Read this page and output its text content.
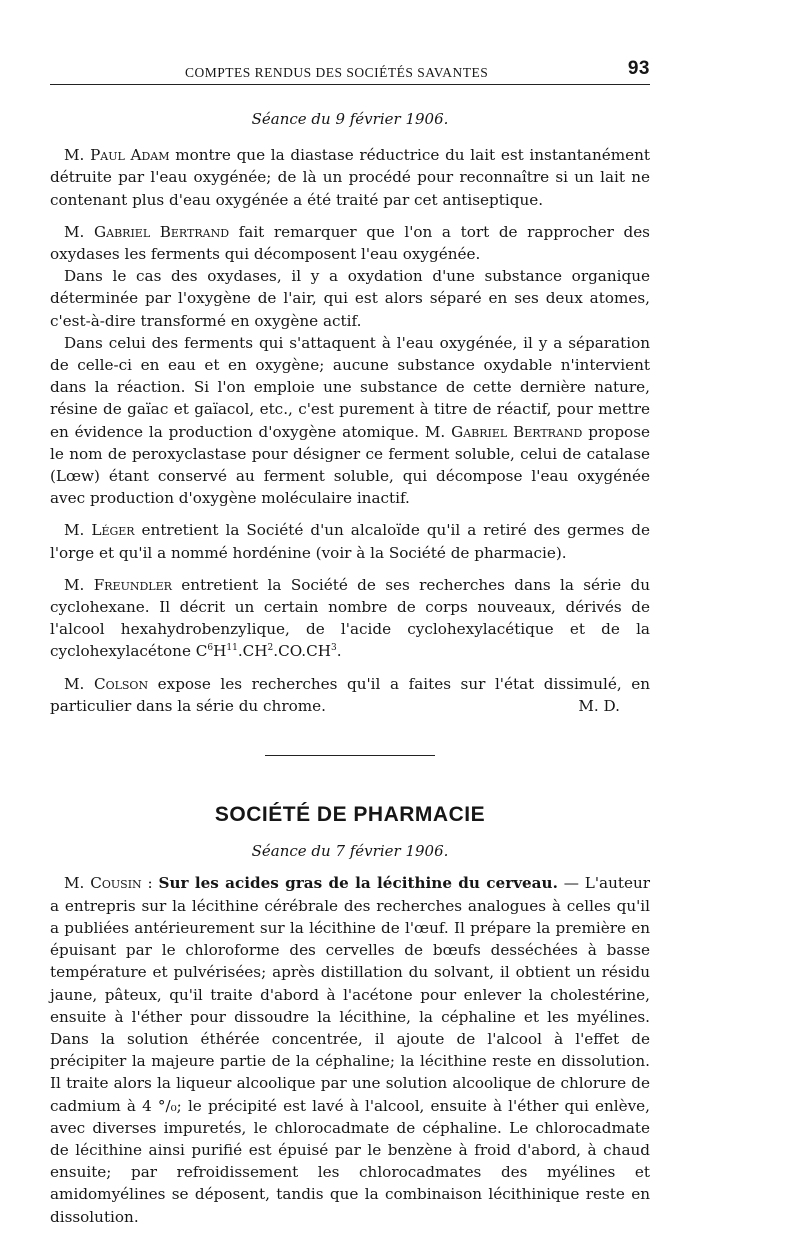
COMPTES RENDUS DES SOCIÉTÉS SAVANTES	93
Séance du 9 février 1906.

M. Paul Adam montre que la diastase réductrice du lait est instantanément détruite par l'eau oxygénée; de là un procédé pour reconnaître si un lait ne contenant plus d'eau oxygénée a été traité par cet antiseptique.

M. Gabriel Bertrand fait remarquer que l'on a tort de rapprocher des oxydases les ferments qui décomposent l'eau oxygénée.

Dans le cas des oxydases, il y a oxydation d'une substance organique déterminée par l'oxygène de l'air, qui est alors séparé en ses deux atomes, c'est-à-dire transformé en oxygène actif.

Dans celui des ferments qui s'attaquent à l'eau oxygénée, il y a séparation de celle-ci en eau et en oxygène; aucune substance oxydable n'intervient dans la réaction. Si l'on emploie une substance de cette dernière nature, résine de gaïac et gaïacol, etc., c'est purement à titre de réactif, pour mettre en évidence la production d'oxygène atomique. M. Gabriel Bertrand propose le nom de peroxyclastase pour désigner ce ferment soluble, celui de catalase (Lœw) étant conservé au ferment soluble, qui décompose l'eau oxygénée avec production d'oxygène moléculaire inactif.

M. Léger entretient la Société d'un alcaloïde qu'il a retiré des germes de l'orge et qu'il a nommé hordénine (voir à la Société de pharmacie).

M. Freundler entretient la Société de ses recherches dans la série du cyclohexane. Il décrit un certain nombre de corps nouveaux, dérivés de l'alcool hexahydrobenzylique, de l'acide cyclohexylacétique et de la cyclohexylacétone $C^6H^{11}.CH^2.CO.CH^3$.

M. Colson expose les recherches qu'il a faites sur l'état dissimulé, en particulier dans la série du chrome.	M. D.

SOCIÉTÉ DE PHARMACIE
Séance du 7 février 1906.

M. Cousin : Sur les acides gras de la lécithine du cerveau. — L'auteur a entrepris sur la lécithine cérébrale des recherches analogues à celles qu'il a publiées antérieurement sur la lécithine de l'œuf. Il prépare la première en épuisant par le chloroforme des cervelles de bœufs desséchées à basse température et pulvérisées; après distillation du solvant, il obtient un résidu jaune, pâteux, qu'il traite d'abord à l'acétone pour enlever la cholestérine, ensuite à l'éther pour dissoudre la lécithine, la céphaline et les myélines. Dans la solution éthérée concentrée, il ajoute de l'alcool à l'effet de précipiter la majeure partie de la céphaline; la lécithine reste en dissolution. Il traite alors la liqueur alcoolique par une solution alcoolique de chlorure de cadmium à 4 °/₀; le précipité est lavé à l'alcool, ensuite à l'éther qui enlève, avec diverses impuretés, le chlorocadmate de céphaline. Le chlorocadmate de lécithine ainsi purifié est épuisé par le benzène à froid d'abord, à chaud ensuite; par refroidissement les chlorocadmates des myélines et amidomyélines se déposent, tandis que la combinaison lécithinique reste en dissolution.
